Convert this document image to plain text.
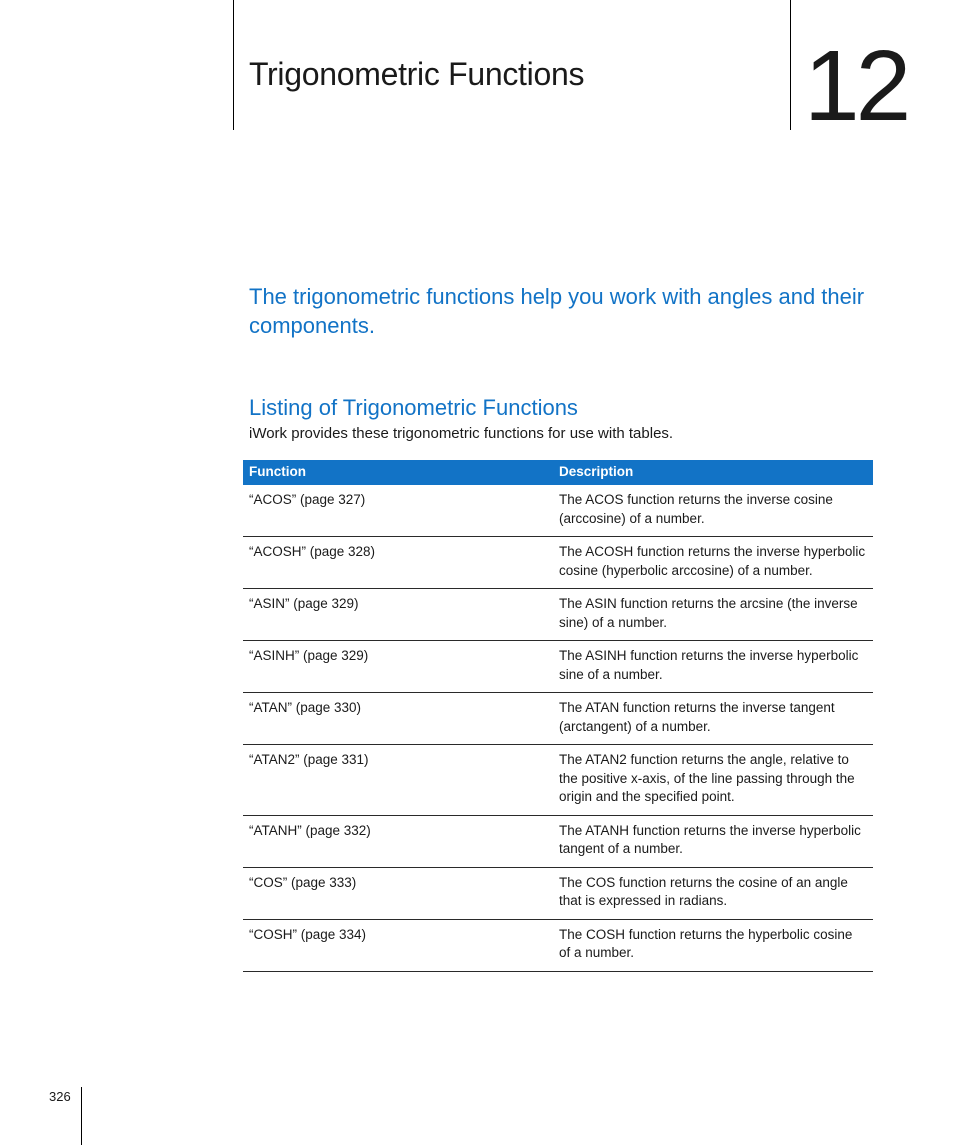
Trigonometric Functions 12

The trigonometric functions help you work with angles and their components.

Listing of Trigonometric Functions

iWork provides these trigonometric functions for use with tables.

Function	Description
“ACOS” (page 327)	The ACOS function returns the inverse cosine (arccosine) of a number.
“ACOSH” (page 328)	The ACOSH function returns the inverse hyperbolic cosine (hyperbolic arccosine) of a number.
“ASIN” (page 329)	The ASIN function returns the arcsine (the inverse sine) of a number.
“ASINH” (page 329)	The ASINH function returns the inverse hyperbolic sine of a number.
“ATAN” (page 330)	The ATAN function returns the inverse tangent (arctangent) of a number.
“ATAN2” (page 331)	The ATAN2 function returns the angle, relative to the positive x-axis, of the line passing through the origin and the specified point.
“ATANH” (page 332)	The ATANH function returns the inverse hyperbolic tangent of a number.
“COS” (page 333)	The COS function returns the cosine of an angle that is expressed in radians.
“COSH” (page 334)	The COSH function returns the hyperbolic cosine of a number.
326
